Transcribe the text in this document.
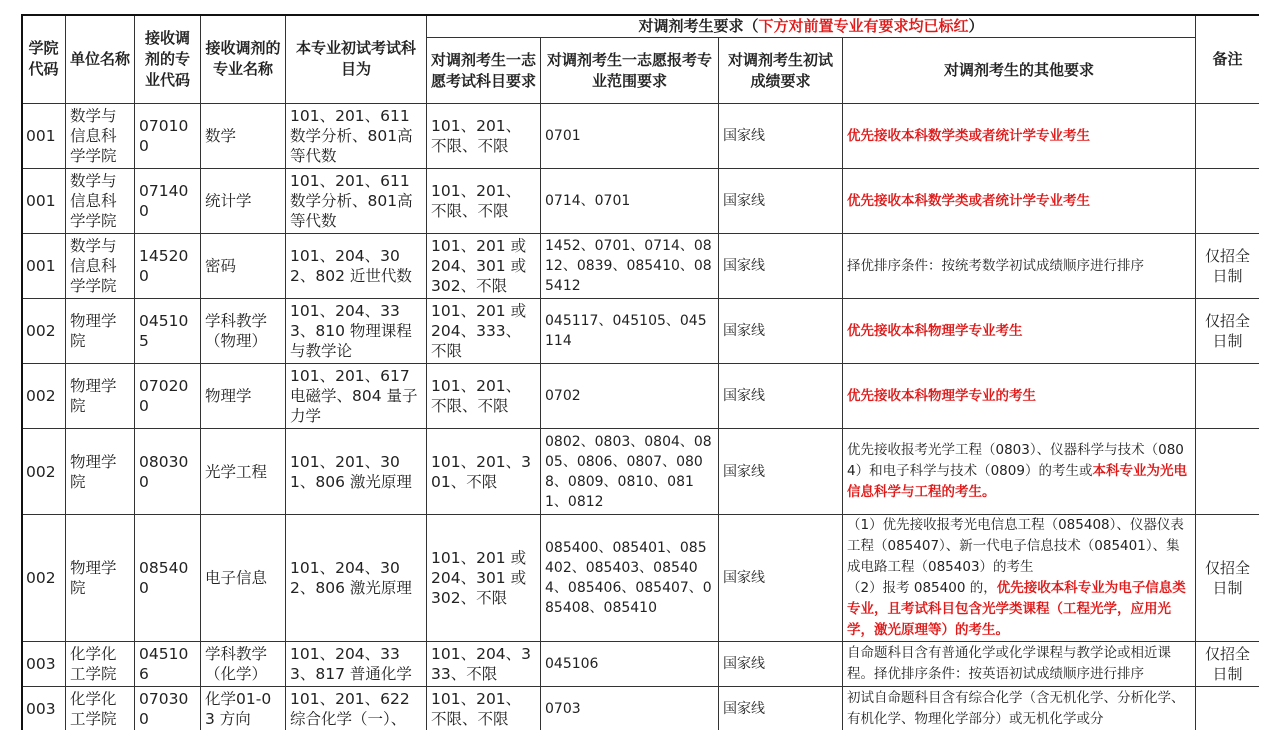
学院代码	单位名称	接收调剂的专业代码	接收调剂的专业名称	本专业初试考试科目为	对调剂考生要求（下方对前置专业有要求均已标红）				备注
					对调剂考生一志愿考试科目要求	对调剂考生一志愿报考专业范围要求	对调剂考生初试成绩要求	对调剂考生的其他要求	
001	数学与信息科学学院	070100	数学	101、201、611数学分析、801高等代数	101、201、不限、不限	0701	国家线	优先接收本科数学类或者统计学专业考生	
001	数学与信息科学学院	071400	统计学	101、201、611数学分析、801高等代数	101、201、不限、不限	0714、0701	国家线	优先接收本科数学类或者统计学专业考生	
001	数学与信息科学学院	145200	密码	101、204、302、802 近世代数	101、201 或 204、301 或 302、不限	1452、0701、0714、0812、0839、085410、085412	国家线	择优排序条件：按统考数学初试成绩顺序进行排序	仅招全日制
002	物理学院	045105	学科教学（物理）	101、204、333、810 物理课程与教学论	101、201 或 204、333、不限	045117、045105、045114	国家线	优先接收本科物理学专业考生	仅招全日制
002	物理学院	070200	物理学	101、201、617 电磁学、804 量子力学	101、201、不限、不限	0702	国家线	优先接收本科物理学专业的考生	
002	物理学院	080300	光学工程	101、201、301、806 激光原理	101、201、301、不限	0802、0803、0804、0805、0806、0807、0808、0809、0810、0811、0812	国家线	优先接收报考光学工程（0803）、仪器科学与技术（0804）和电子科学与技术（0809）的考生或本科专业为光电信息科学与工程的考生。	
002	物理学院	085400	电子信息	101、204、302、806 激光原理	101、201 或 204、301 或 302、不限	085400、085401、085402、085403、085404、085406、085407、085408、085410	国家线	（1）优先接收报考光电信息工程（085408）、仪器仪表工程（085407）、新一代电子信息技术（085401）、集成电路工程（085403）的考生
（2）报考 085400 的，优先接收本科专业为电子信息类专业，且考试科目包含光学类课程（工程光学，应用光学，激光原理等）的考生。	仅招全日制
003	化学化工学院	045106	学科教学（化学）	101、204、333、817 普通化学	101、204、333、不限	045106	国家线	自命题科目含有普通化学或化学课程与教学论或相近课程。择优排序条件：按英语初试成绩顺序进行排序	仅招全日制
003	化学化工学院	070300	化学01-03 方向	101、201、622 综合化学（一）、	101、201、不限、不限	0703	国家线	初试自命题科目含有综合化学（含无机化学、分析化学、有机化学、物理化学部分）或无机化学或分	
